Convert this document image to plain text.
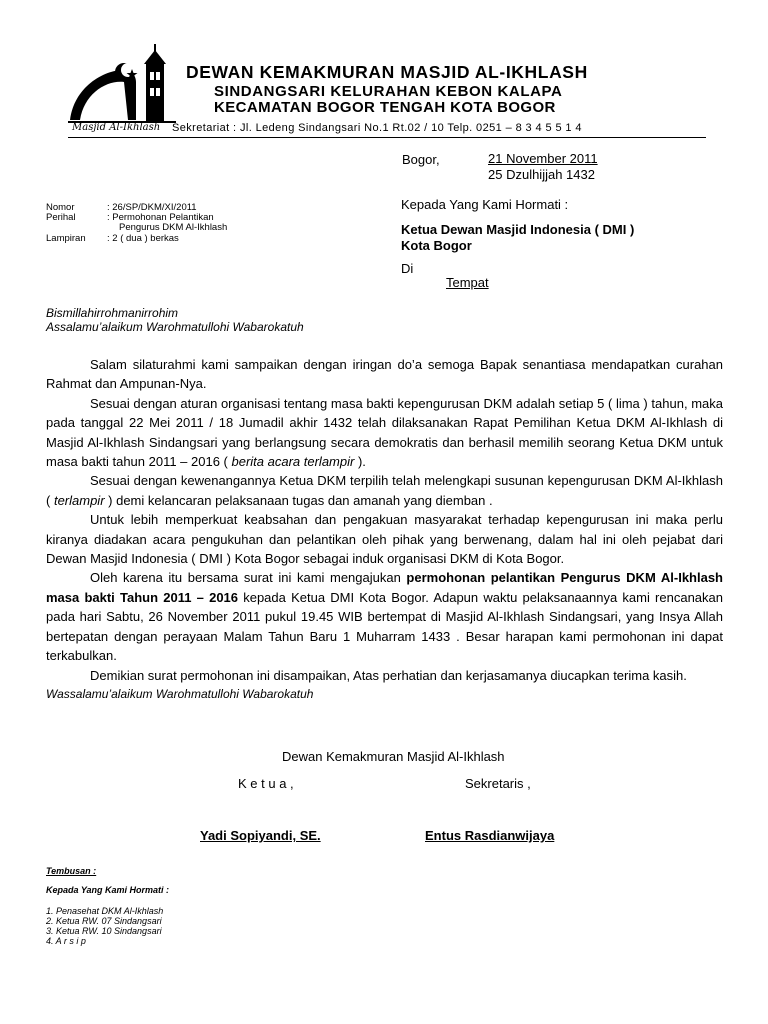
Masjid Al-Ikhlash
DEWAN KEMAKMURAN MASJID AL-IKHLASH
SINDANGSARI KELURAHAN KEBON KALAPA
KECAMATAN BOGOR TENGAH KOTA BOGOR
Sekretariat : Jl. Ledeng Sindangsari No.1 Rt.02 / 10 Telp. 0251 – 8 3 4 5 5 1 4
Bogor,	21 November 2011
25 Dzulhijjah 1432
Kepada Yang Kami Hormati :
Ketua Dewan Masjid Indonesia ( DMI )
Kota Bogor
Di
Tempat
Nomor	: 26/SP/DKM/XI/2011
Perihal	: Permohonan Pelantikan
Pengurus DKM Al-Ikhlash
Lampiran : 2 ( dua ) berkas
Bismillahirrohmanirrohim
Assalamu’alaikum Warohmatullohi Wabarokatuh

Salam silaturahmi kami sampaikan dengan iringan do’a semoga Bapak senantiasa mendapatkan curahan Rahmat dan Ampunan-Nya.

Sesuai dengan aturan organisasi tentang masa bakti kepengurusan DKM adalah setiap 5 ( lima ) tahun, maka pada tanggal 22 Mei 2011 / 18 Jumadil akhir 1432 telah dilaksanakan Rapat Pemilihan Ketua DKM Al-Ikhlash di Masjid Al-Ikhlash Sindangsari yang berlangsung secara demokratis dan berhasil memilih seorang Ketua DKM untuk masa bakti tahun 2011 – 2016 ( berita acara terlampir ).

Sesuai dengan kewenangannya Ketua DKM terpilih telah melengkapi susunan kepengurusan DKM Al-Ikhlash ( terlampir ) demi kelancaran pelaksanaan tugas dan amanah yang diemban .

Untuk lebih memperkuat keabsahan dan pengakuan masyarakat terhadap kepengurusan ini maka perlu kiranya diadakan acara pengukuhan dan pelantikan oleh pihak yang berwenang, dalam hal ini oleh pejabat dari Dewan Masjid Indonesia ( DMI ) Kota Bogor sebagai induk organisasi DKM di Kota Bogor.

Oleh karena itu bersama surat ini kami mengajukan permohonan pelantikan Pengurus DKM Al-Ikhlash masa bakti Tahun 2011 – 2016 kepada Ketua DMI Kota Bogor. Adapun waktu pelaksanaannya kami rencanakan pada hari Sabtu, 26 November 2011 pukul 19.45 WIB bertempat di Masjid Al-Ikhlash Sindangsari, yang Insya Allah bertepatan dengan perayaan Malam Tahun Baru 1 Muharram 1433 . Besar harapan kami permohonan ini dapat terkabulkan.

Demikian surat permohonan ini disampaikan, Atas perhatian dan kerjasamanya diucapkan terima kasih.

Wassalamu’alaikum Warohmatullohi Wabarokatuh

Dewan Kemakmuran Masjid Al-Ikhlash
K e t u a ,	Sekretaris ,
Yadi Sopiyandi, SE.	Entus Rasdianwijaya
Tembusan :
Kepada Yang Kami Hormati :
1. Penasehat DKM Al-Ikhlash
2. Ketua RW. 07 Sindangsari
3. Ketua RW. 10 Sindangsari
4. A r s i p
